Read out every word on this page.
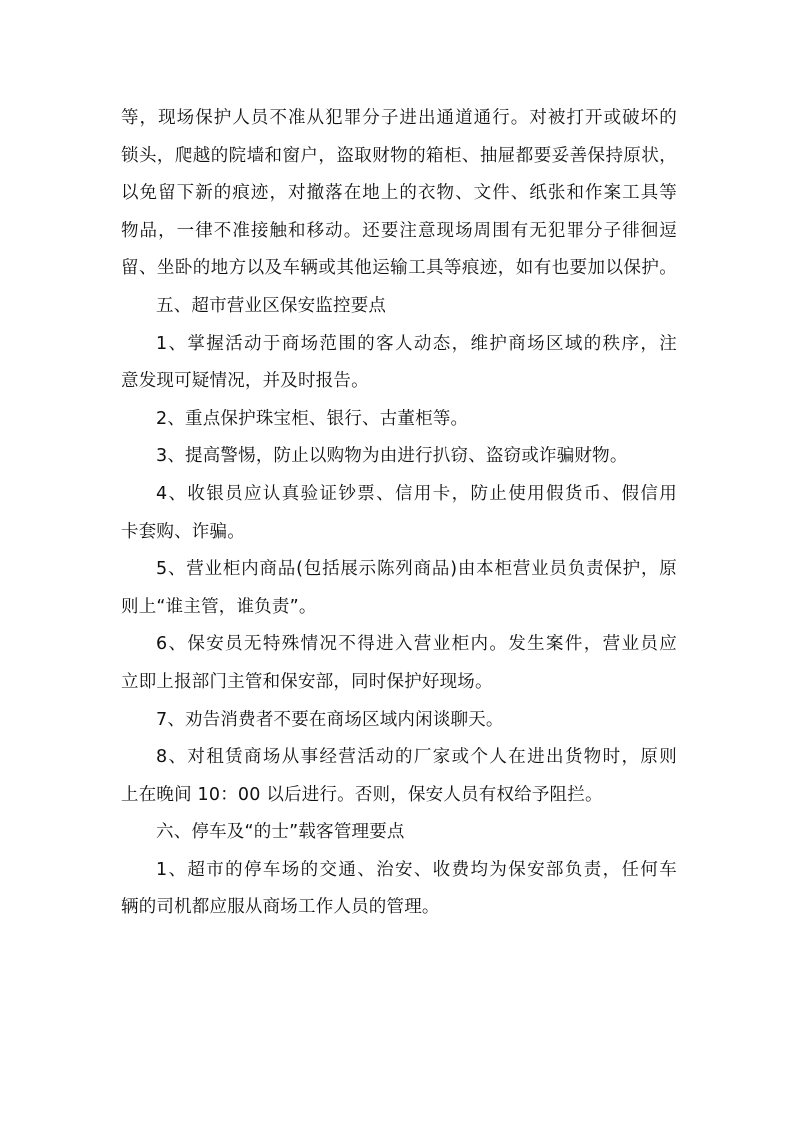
等，现场保护人员不准从犯罪分子进出通道通行。对被打开或破坏的
锁头，爬越的院墙和窗户，盗取财物的箱柜、抽屉都要妥善保持原状，
以免留下新的痕迹，对撤落在地上的衣物、文件、纸张和作案工具等
物品，一律不准接触和移动。还要注意现场周围有无犯罪分子徘徊逗
留、坐卧的地方以及车辆或其他运输工具等痕迹，如有也要加以保护。
五、超市营业区保安监控要点
1、掌握活动于商场范围的客人动态，维护商场区域的秩序，注
意发现可疑情况，并及时报告。
2、重点保护珠宝柜、银行、古董柜等。
3、提高警惕，防止以购物为由进行扒窃、盗窃或诈骗财物。
4、收银员应认真验证钞票、信用卡，防止使用假货币、假信用
卡套购、诈骗。
5、营业柜内商品(包括展示陈列商品)由本柜营业员负责保护，原
则上“谁主管，谁负责”。
6、保安员无特殊情况不得进入营业柜内。发生案件，营业员应
立即上报部门主管和保安部，同时保护好现场。
7、劝告消费者不要在商场区域内闲谈聊天。
8、对租赁商场从事经营活动的厂家或个人在进出货物时，原则
上在晚间 10：00 以后进行。否则，保安人员有权给予阻拦。
六、停车及“的士”载客管理要点
1、超市的停车场的交通、治安、收费均为保安部负责，任何车
辆的司机都应服从商场工作人员的管理。
